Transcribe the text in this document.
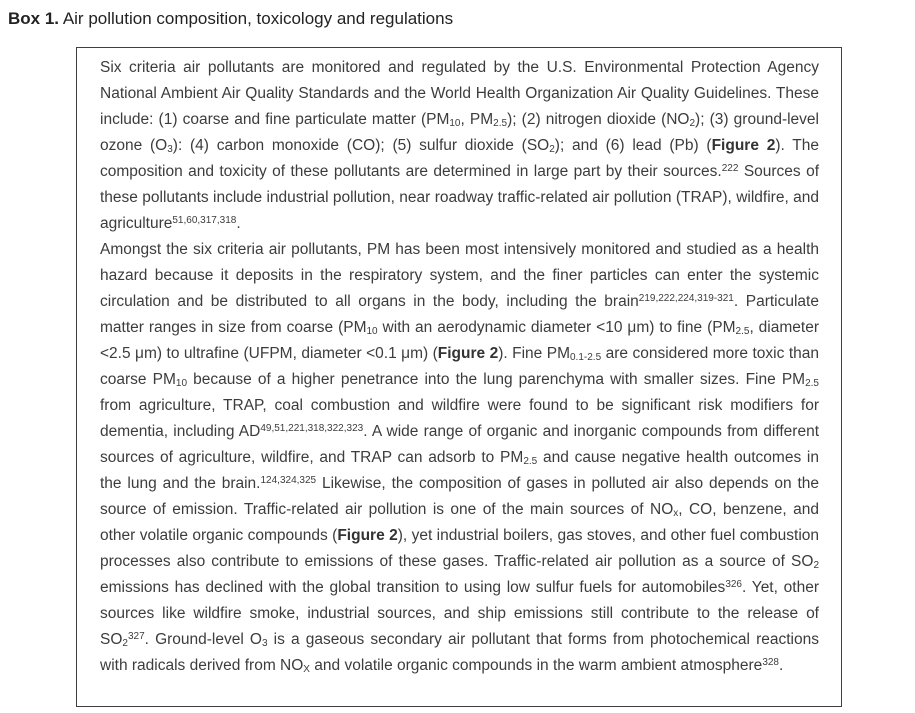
Box 1. Air pollution composition, toxicology and regulations

Six criteria air pollutants are monitored and regulated by the U.S. Environmental Protection Agency National Ambient Air Quality Standards and the World Health Organization Air Quality Guidelines. These include: (1) coarse and fine particulate matter ($PM_{10}$, $PM_{2.5}$); (2) nitrogen dioxide $(NO_2)$; (3) ground-level ozone $(O_3)$: (4) carbon monoxide (CO); (5) sulfur dioxide $(SO_2)$; and (6) lead (Pb) (Figure 2). The composition and toxicity of these pollutants are determined in large part by their sources.$^{222}$ Sources of these pollutants include industrial pollution, near roadway traffic-related air pollution (TRAP), wildfire, and agriculture$^{51,60,317,318}$.

Amongst the six criteria air pollutants, PM has been most intensively monitored and studied as a health hazard because it deposits in the respiratory system, and the finer particles can enter the systemic circulation and be distributed to all organs in the body, including the brain$^{219,222,224,319-321}$. Particulate matter ranges in size from coarse ($PM_{10}$ with an aerodynamic diameter <10 μm) to fine ($PM_{2.5}$, diameter <2.5 μm) to ultrafine (UFPM, diameter <0.1 μm) (Figure 2). Fine $PM_{0.1-2.5}$ are considered more toxic than coarse $PM_{10}$ because of a higher penetrance into the lung parenchyma with smaller sizes. Fine $PM_{2.5}$ from agriculture, TRAP, coal combustion and wildfire were found to be significant risk modifiers for dementia, including AD$^{49,51,221,318,322,323}$. A wide range of organic and inorganic compounds from different sources of agriculture, wildfire, and TRAP can adsorb to $PM_{2.5}$ and cause negative health outcomes in the lung and the brain.$^{124,324,325}$ Likewise, the composition of gases in polluted air also depends on the source of emission. Traffic-related air pollution is one of the main sources of $NO_x$, CO, benzene, and other volatile organic compounds (Figure 2), yet industrial boilers, gas stoves, and other fuel combustion processes also contribute to emissions of these gases. Traffic-related air pollution as a source of $SO_2$ emissions has declined with the global transition to using low sulfur fuels for automobiles$^{326}$. Yet, other sources like wildfire smoke, industrial sources, and ship emissions still contribute to the release of $SO_2^{327}$. Ground-level $O_3$ is a gaseous secondary air pollutant that forms from photochemical reactions with radicals derived from $NO_X$ and volatile organic compounds in the warm ambient atmosphere$^{328}$.
